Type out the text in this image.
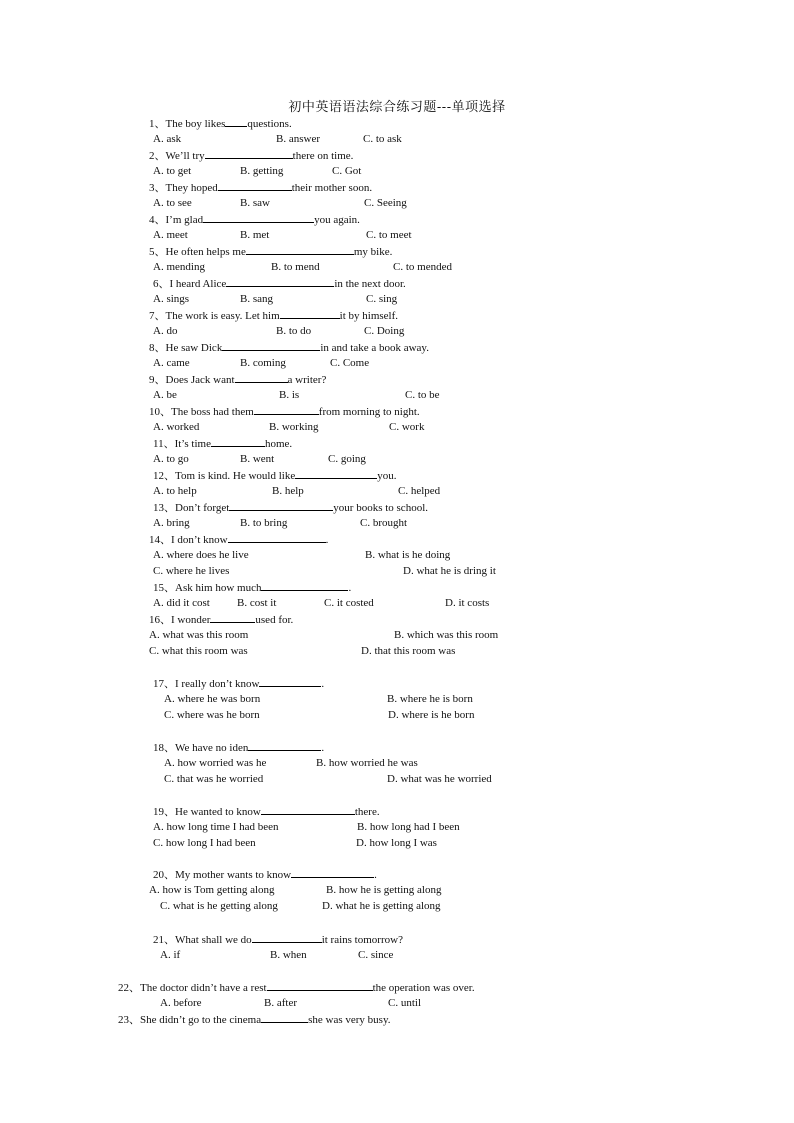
初中英语语法综合练习题---单项选择
1、The boy likes questions.
A. ask	B. answer	C. to ask
2、We’ll try	there on time.
A. to get	B. getting	C. Got
3、They hoped	their mother soon.
A. to see	B. saw	C. Seeing
4、I’m glad	you again.
A. meet	B. met	C. to meet
5、He often helps me	my bike.
A. mending	B. to mend	C. to mended
6、I heard Alice	in the next door.
A. sings	B. sang	C. sing
7、The work is easy. Let him	it by himself.
A. do	B. to do	C. Doing
8、He saw Dick	in and take a book away.
A. came	B. coming	C. Come
9、Does Jack want	a writer?
A. be	B. is	C. to be
10、The boss had them	from morning to night.
A. worked	B. working	C. work
11、It’s time	home.
A. to go	B. went	C. going
12、Tom is kind. He would like	you.
A. to help	B. help	C. helped
13、Don’t forget	your books to school.
A. bring	B. to bring	C. brought
14、I don’t know	.
A. where does he live	B. what is he doing
C. where he lives	D. what he is dring it
15、Ask him how much	.
A. did it cost B. cost it	C. it costed	D. it costs
16、I wonder	used for.
A. what was this room	B. which was this room
C. what this room was	D. that this room was
17、I really don’t know	.
A. where he was born	B. where he is born
C. where was he born	D. where is he born
18、We have no iden	.
A. how worried was he	B. how worried he was
C. that was he worried	D. what was he worried
19、He wanted to know	there.
A. how long time I had been	B. how long had I been
C. how long I had been	D. how long I was
20、My mother wants to know	.
A. how is Tom getting along	B. how he is getting along
C. what is he getting along	D. what he is getting along
21、What shall we do	it rains tomorrow?
A. if	B. when	C. since
22、The doctor didn’t have a rest	the operation was over.
A. before	B. after	C. until
23、She didn’t go to the cinema	she was very busy.
